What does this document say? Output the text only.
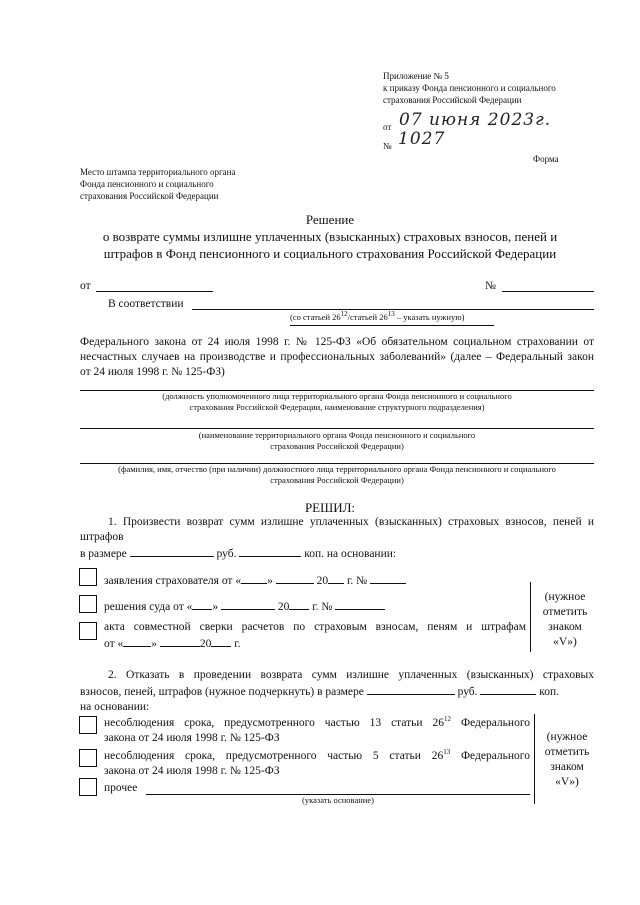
Приложение № 5
к приказу Фонда пенсионного и социального
страхования Российской Федерации
от 07 июня 2023г.
№ 1027
Форма
Место штампа территориального органа
Фонда пенсионного и социального
страхования Российской Федерации
Решение
о возврате суммы излишне уплаченных (взысканных) страховых взносов, пеней и
штрафов в Фонд пенсионного и социального страхования Российской Федерации
от	№
В соответствии
(со статьей $26^{12}$/статьей $26^{13}$ – указать нужную)
Федерального закона от 24 июля 1998 г. № 125-ФЗ «Об обязательном социальном страховании от
несчастных случаев на производстве и профессиональных заболеваний» (далее – Федеральный закон
от 24 июля 1998 г. № 125-ФЗ)
(должность уполномоченного лица территориального органа Фонда пенсионного и социального
страхования Российской Федерации, наименование структурного подразделения)
(наименование территориального органа Фонда пенсионного и социального
страхования Российской Федерации)
(фамилия, имя, отчество (при наличии) должностного лица территориального органа Фонда пенсионного и социального
страхования Российской Федерации)
РЕШИЛ:
1. Произвести возврат сумм излишне уплаченных (взысканных) страховых взносов, пеней и
штрафов
в размере	руб.	коп. на основании:
заявления страхователя от « »	20 г. №
решения суда от « »	20 г. №
акта совместной сверки расчетов по страховым взносам, пеням и штрафам
от « »	20 г.
(нужное
отметить
знаком
«V»)
2. Отказать в проведении возврата сумм излишне уплаченных (взысканных) страховых
взносов, пеней, штрафов (нужное подчеркнуть) в размере	руб.	коп.
на основании:
несоблюдения срока, предусмотренного частью 13 статьи $26^{12}$ Федерального
закона от 24 июля 1998 г. № 125-ФЗ
несоблюдения срока, предусмотренного частью 5 статьи $26^{13}$ Федерального
закона от 24 июля 1998 г. № 125-ФЗ
прочее
(указать основание)
(нужное
отметить
знаком
«V»)
